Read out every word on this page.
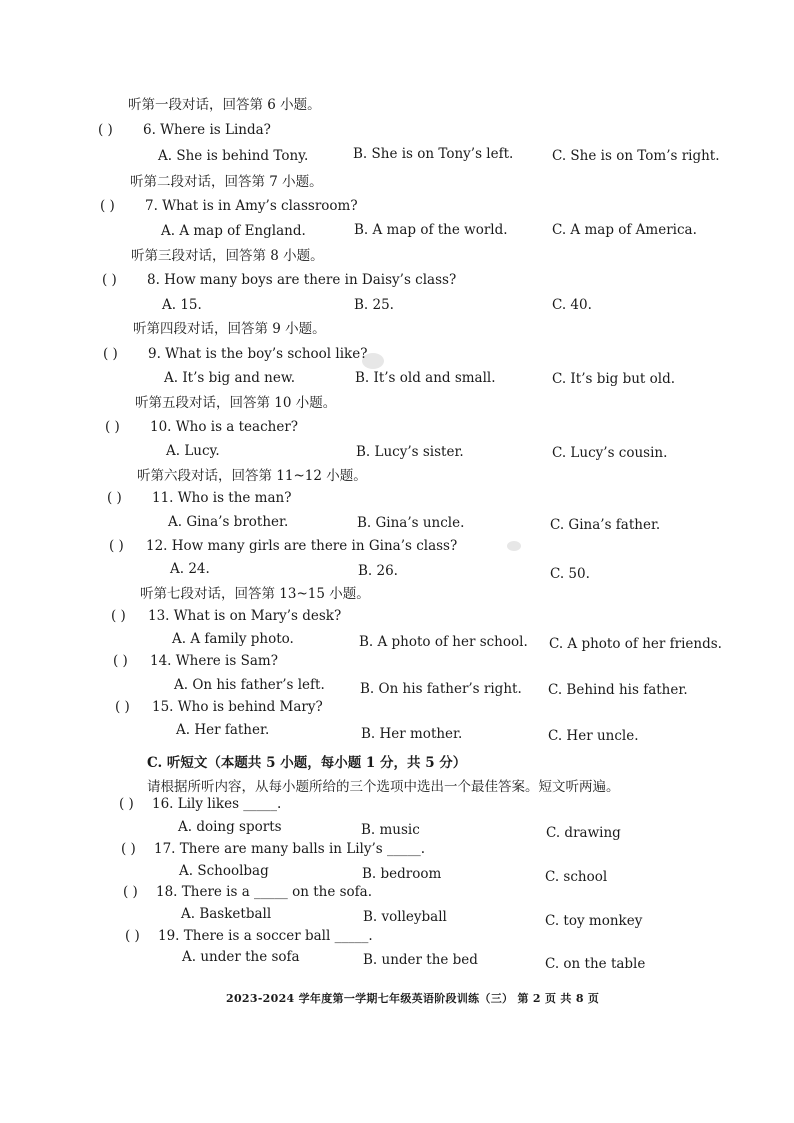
听第一段对话，回答第 6 小题。
( ) 6. Where is Linda?
A. She is behind Tony.	B. She is on Tony’s left.	C. She is on Tom’s right.
听第二段对话，回答第 7 小题。
( ) 7. What is in Amy’s classroom?
A. A map of England.	B. A map of the world.	C. A map of America.
听第三段对话，回答第 8 小题。
( ) 8. How many boys are there in Daisy’s class?
A. 15.	B. 25.	C. 40.
听第四段对话，回答第 9 小题。
( ) 9. What is the boy’s school like?
A. It’s big and new.	B. It’s old and small.	C. It’s big but old.
听第五段对话，回答第 10 小题。
( ) 10. Who is a teacher?
A. Lucy.	B. Lucy’s sister.	C. Lucy’s cousin.
听第六段对话，回答第 11~12 小题。
( ) 11. Who is the man?
A. Gina’s brother.	B. Gina’s uncle.	C. Gina’s father.
( ) 12. How many girls are there in Gina’s class?
A. 24.	B. 26.	C. 50.
听第七段对话，回答第 13~15 小题。
( ) 13. What is on Mary’s desk?
A. A family photo.	B. A photo of her school. C. A photo of her friends.
( ) 14. Where is Sam?
A. On his father’s left.	B. On his father’s right. C. Behind his father.
( ) 15. Who is behind Mary?
A. Her father.	B. Her mother.	C. Her uncle.
C. 听短文（本题共 5 小题，每小题 1 分，共 5 分）
请根据所听内容，从每小题所给的三个选项中选出一个最佳答案。短文听两遍。
( ) 16. Lily likes _____.
A. doing sports	B. music	C. drawing
( ) 17. There are many balls in Lily’s _____.
A. Schoolbag	B. bedroom	C. school
( ) 18. There is a _____ on the sofa.
A. Basketball	B. volleyball	C. toy monkey
( ) 19. There is a soccer ball _____.
A. under the sofa	B. under the bed	C. on the table
2023-2024 学年度第一学期七年级英语阶段训练（三） 第 2 页 共 8 页
